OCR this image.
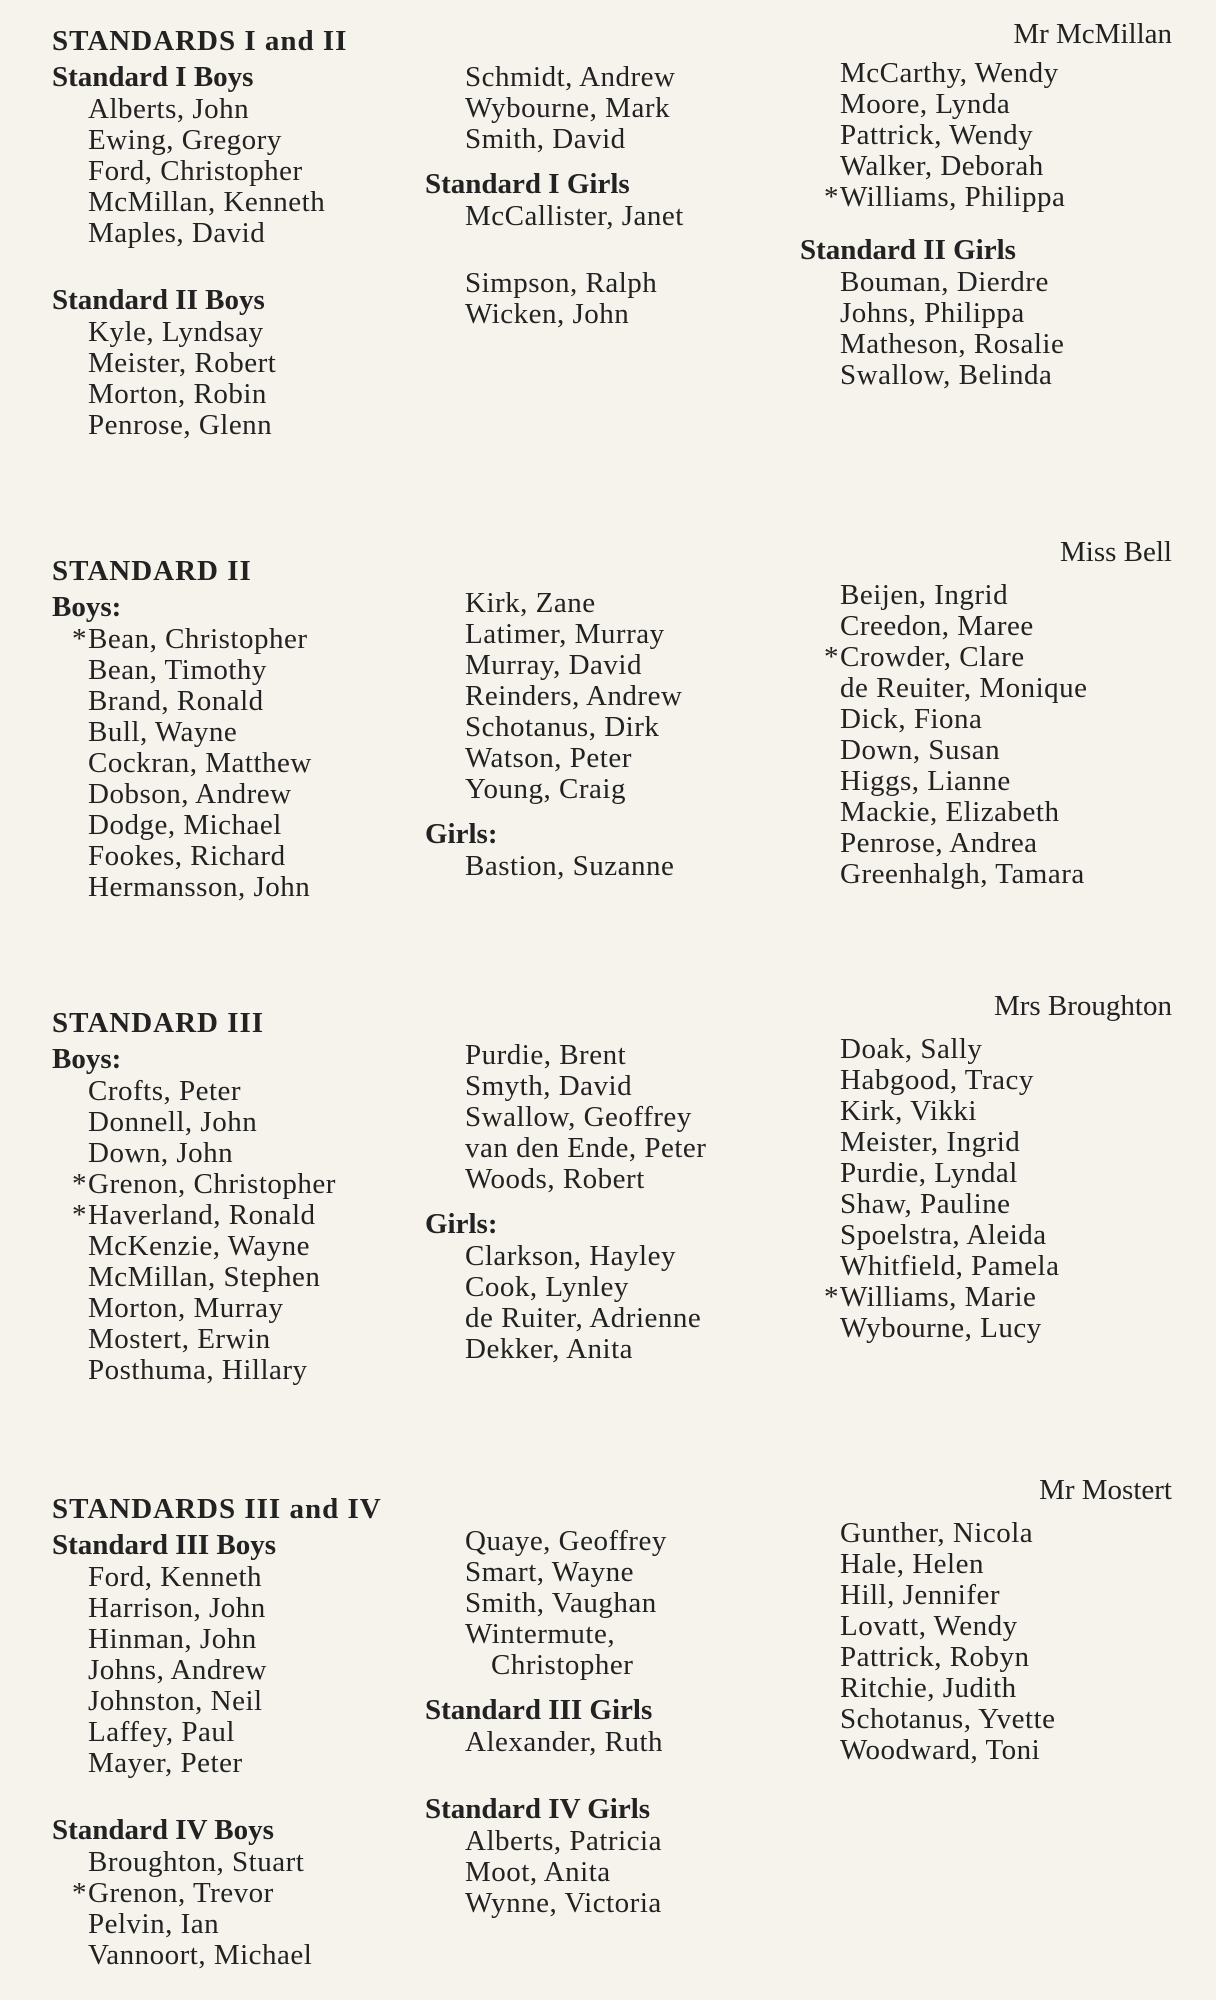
Mr McMillan
STANDARDS I and II
Standard I Boys
Alberts, John
Ewing, Gregory
Ford, Christopher
McMillan, Kenneth
Maples, David
Standard II Boys
Kyle, Lyndsay
Meister, Robert
Morton, Robin
Penrose, Glenn
Schmidt, Andrew
Wybourne, Mark
Smith, David
Standard I Girls
McCallister, Janet
Simpson, Ralph
Wicken, John
McCarthy, Wendy
Moore, Lynda
Pattrick, Wendy
Walker, Deborah
* Williams, Philippa
Standard II Girls
Bouman, Dierdre
Johns, Philippa
Matheson, Rosalie
Swallow, Belinda
Miss Bell
STANDARD II
Boys:
* Bean, Christopher
Bean, Timothy
Brand, Ronald
Bull, Wayne
Cockran, Matthew
Dobson, Andrew
Dodge, Michael
Fookes, Richard
Hermansson, John
Kirk, Zane
Latimer, Murray
Murray, David
Reinders, Andrew
Schotanus, Dirk
Watson, Peter
Young, Craig
Girls:
Bastion, Suzanne
Beijen, Ingrid
Creedon, Maree
* Crowder, Clare
de Reuiter, Monique
Dick, Fiona
Down, Susan
Higgs, Lianne
Mackie, Elizabeth
Penrose, Andrea
Greenhalgh, Tamara
Mrs Broughton
STANDARD III
Boys:
Crofts, Peter
Donnell, John
Down, John
* Grenon, Christopher
* Haverland, Ronald
McKenzie, Wayne
McMillan, Stephen
Morton, Murray
Mostert, Erwin
Posthuma, Hillary
Purdie, Brent
Smyth, David
Swallow, Geoffrey
van den Ende, Peter
Woods, Robert
Girls:
Clarkson, Hayley
Cook, Lynley
de Ruiter, Adrienne
Dekker, Anita
Doak, Sally
Habgood, Tracy
Kirk, Vikki
Meister, Ingrid
Purdie, Lyndal
Shaw, Pauline
Spoelstra, Aleida
Whitfield, Pamela
* Williams, Marie
Wybourne, Lucy
Mr Mostert
STANDARDS III and IV
Standard III Boys
Ford, Kenneth
Harrison, John
Hinman, John
Johns, Andrew
Johnston, Neil
Laffey, Paul
Mayer, Peter
Standard IV Boys
Broughton, Stuart
* Grenon, Trevor
Pelvin, Ian
Vannoort, Michael
Quaye, Geoffrey
Smart, Wayne
Smith, Vaughan
Wintermute,
Christopher
Standard III Girls
Alexander, Ruth
Standard IV Girls
Alberts, Patricia
Moot, Anita
Wynne, Victoria
Gunther, Nicola
Hale, Helen
Hill, Jennifer
Lovatt, Wendy
Pattrick, Robyn
Ritchie, Judith
Schotanus, Yvette
Woodward, Toni
